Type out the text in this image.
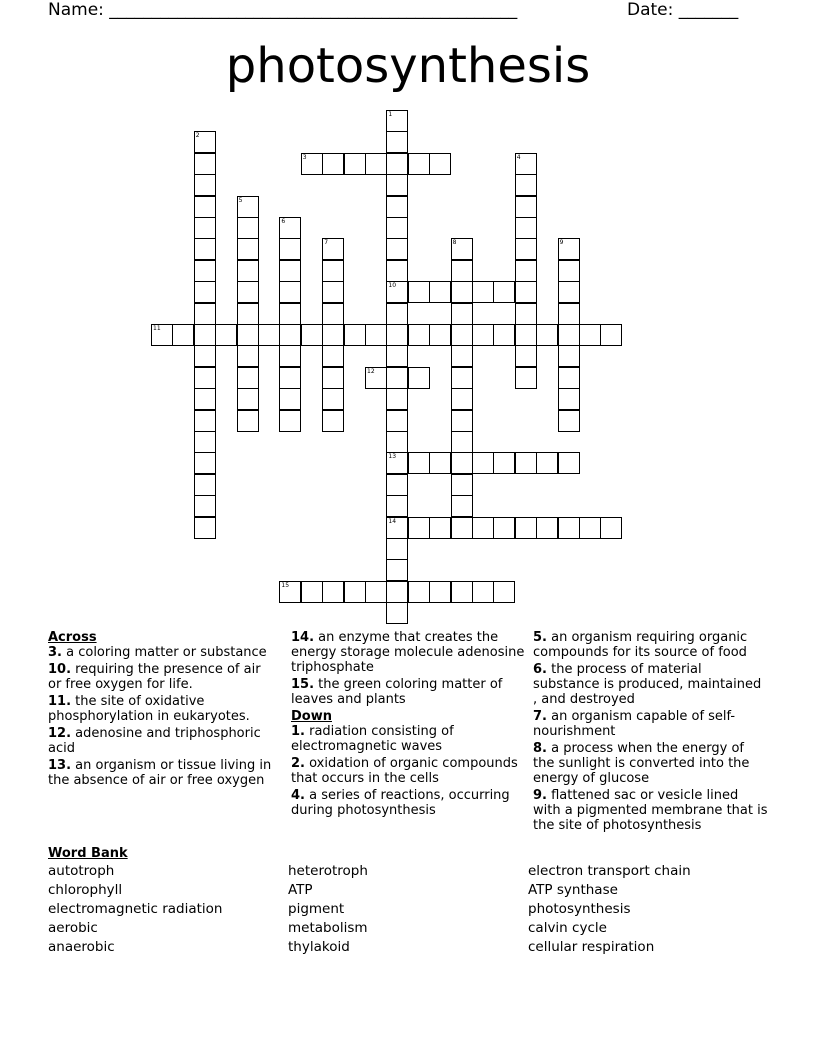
Name: ________________________________________________	Date: _______
photosynthesis
1
10
13
14
2
3	4
5
6
7	8	9
11
12
15
Across
3. a coloring matter or substance
10. requiring the presence of air or free oxygen for life.
11. the site of oxidative phosphorylation in eukaryotes.
12. adenosine and triphosphoric acid
13. an organism or tissue living in the absence of air or free oxygen
14. an enzyme that creates the energy storage molecule adenosine triphosphate
15. the green coloring matter of leaves and plants
Down
1. radiation consisting of electromagnetic waves
2. oxidation of organic compounds that occurs in the cells
4. a series of reactions, occurring during photosynthesis
5. an organism requiring organic compounds for its source of food
6. the process of material substance is produced, maintained , and destroyed
7. an organism capable of self-nourishment
8. a process when the energy of the sunlight is converted into the energy of glucose
9. flattened sac or vesicle lined with a pigmented membrane that is the site of photosynthesis
Word Bank
autotroph
chlorophyll
electromagnetic radiation
aerobic
anaerobic
heterotroph
ATP
pigment
metabolism
thylakoid
electron transport chain
ATP synthase
photosynthesis
calvin cycle
cellular respiration
